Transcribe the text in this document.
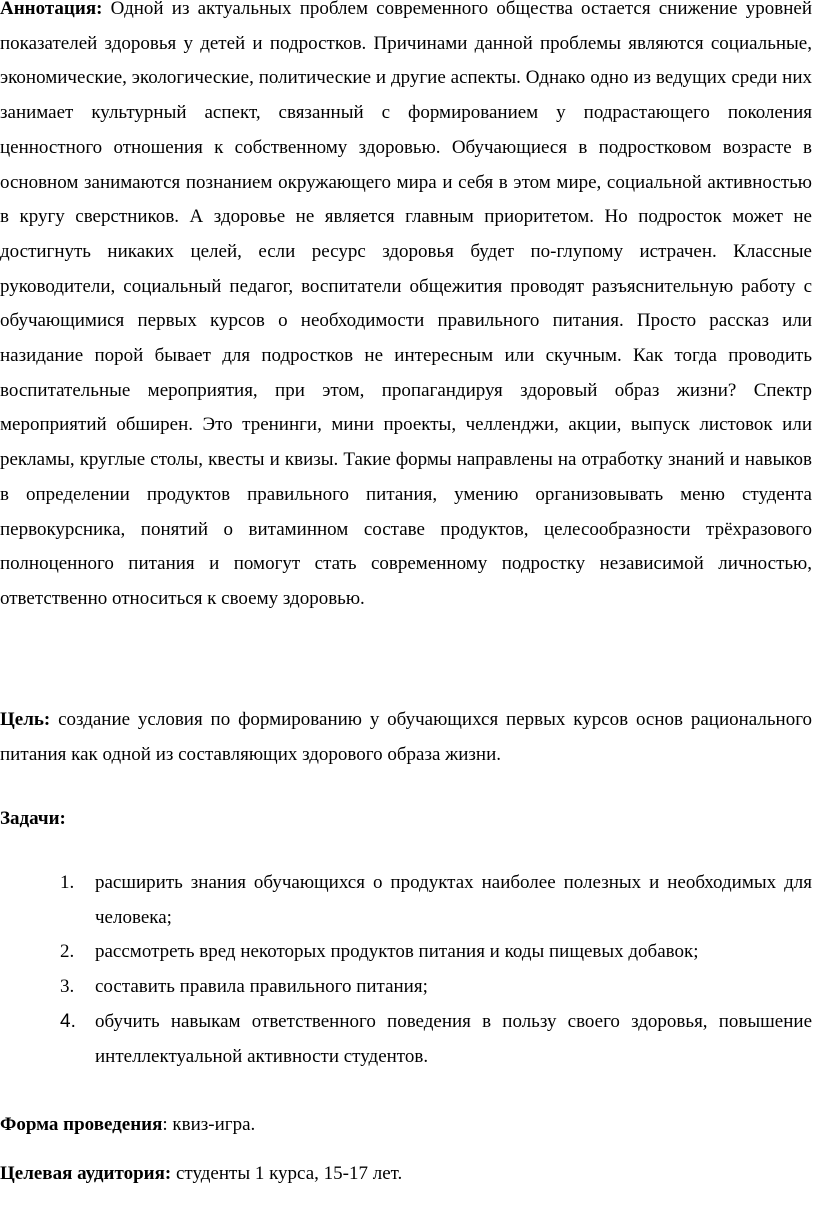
Аннотация: Одной из актуальных проблем современного общества остается снижение уровней показателей здоровья у детей и подростков. Причинами данной проблемы являются социальные, экономические, экологические, политические и другие аспекты. Однако одно из ведущих среди них занимает культурный аспект, связанный с формированием у подрастающего поколения ценностного отношения к собственному здоровью. Обучающиеся в подростковом возрасте в основном занимаются познанием окружающего мира и себя в этом мире, социальной активностью в кругу сверстников. А здоровье не является главным приоритетом. Но подросток может не достигнуть никаких целей, если ресурс здоровья будет по-глупому истрачен. Классные руководители, социальный педагог, воспитатели общежития проводят разъяснительную работу с обучающимися первых курсов о необходимости правильного питания. Просто рассказ или назидание порой бывает для подростков не интересным или скучным. Как тогда проводить воспитательные мероприятия, при этом, пропагандируя здоровый образ жизни? Спектр мероприятий обширен. Это тренинги, мини проекты, челленджи, акции, выпуск листовок или рекламы, круглые столы, квесты и квизы. Такие формы направлены на отработку знаний и навыков в определении продуктов правильного питания, умению организовывать меню студента первокурсника, понятий о витаминном составе продуктов, целесообразности трёхразового полноценного питания и помогут стать современному подростку независимой личностью, ответственно относиться к своему здоровью.

Цель: создание условия по формированию у обучающихся первых курсов основ рационального питания как одной из составляющих здорового образа жизни.

Задачи:

1. расширить знания обучающихся о продуктах наиболее полезных и необходимых для человека;
2. рассмотреть вред некоторых продуктов питания и коды пищевых добавок;
3. составить правила правильного питания;
4. обучить навыкам ответственного поведения в пользу своего здоровья, повышение интеллектуальной активности студентов.

Форма проведения: квиз-игра.

Целевая аудитория: студенты 1 курса, 15-17 лет.
